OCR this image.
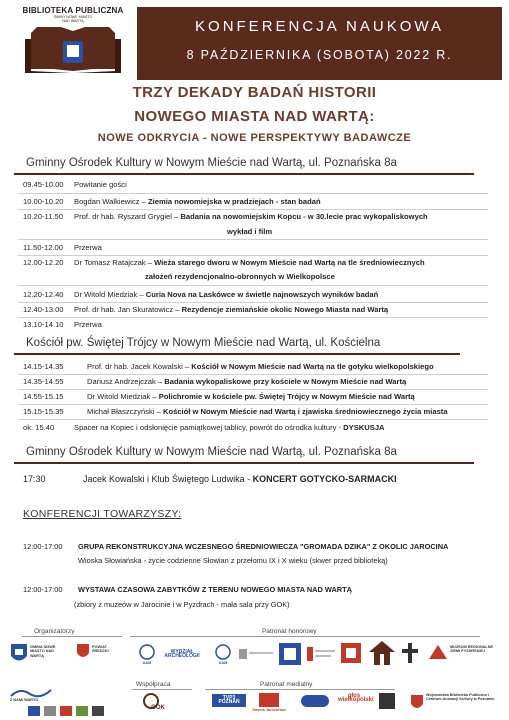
BIBLIOTEKA PUBLICZNA
GMINY NOWE MIASTO
NAD WARTĄ	KONFERENCJA NAUKOWA
8 PAŹDZIERNIKA (SOBOTA) 2022 R.
TRZY DEKADY BADAŃ HISTORII
NOWEGO MIASTA NAD WARTĄ:
NOWE ODKRYCIA - NOWE PERSPEKTYWY BADAWCZE
Gminny Ośrodek Kultury w Nowym Mieście nad Wartą, ul. Poznańska 8a
09.45-10.00 Powitanie gości
10.00-10.20 Bogdan Walkiewicz – Ziemia nowomiejska w pradziejach - stan badań
10.20-11.50 Prof. dr hab. Ryszard Grygiel – Badania na nowomiejskim Kopcu - w 30.lecie prac wykopaliskowych
wykład i film
11.50-12.00 Przerwa
12.00-12.20 Dr Tomasz Ratajczak – Wieża starego dworu w Nowym Mieście nad Wartą na tle średniowiecznych
założeń rezydencjonalno-obronnych w Wielkopolsce
12.20-12.40 Dr Witold Miedziak – Curia Nova na Laskówce w świetle najnowszych wyników badań
12.40-13.00 Prof. dr hab. Jan Skuratowicz – Rezydencje ziemiańskie okolic Nowego Miasta nad Wartą
13.10-14.10 Przerwa
Kościół pw. Świętej Trójcy w Nowym Mieście nad Wartą, ul. Kościelna
14.15-14.35	Prof. dr hab. Jacek Kowalski – Kościół w Nowym Mieście nad Wartą na tle gotyku wielkopolskiego
14.35-14.55	Dariusz Andrzejczak – Badania wykopaliskowe przy kościele w Nowym Mieście nad Wartą
14.55-15.15	Dr Witold Miedziak – Polichromie w kościele pw. Świętej Trójcy w Nowym Mieście nad Wartą
15.15-15.35	Michał Błaszczyński – Kościół w Nowym Mieście nad Wartą i zjawiska średniowiecznego życia miasta
ok. 15.40	Spacer na Kopiec i odsłonięcie pamiątkowej tablicy, powrót do ośrodka kultury - DYSKUSJA
Gminny Ośrodek Kultury w Nowym Mieście nad Wartą, ul. Poznańska 8a
17:30	Jacek Kowalski i Klub Świętego Ludwika - KONCERT GOTYCKO-SARMACKI
KONFERENCJI TOWARZYSZY:
12:00-17:00 GRUPA REKONSTRUKCYJNA WCZESNEGO ŚREDNIOWIECZA "GROMADA DZIKA" Z OKOLIC JAROCINA
Wioska Słowiańska - życie codzienne Słowian z przełomu IX i X wieku (skwer przed biblioteką)
12:00-17:00 WYSTAWA CZASOWA ZABYTKÓW Z TERENU NOWEGO MIASTA NAD WARTĄ
(zbiory z muzeów w Jarocinie i w Pyzdrach - mała sala przy GOK)
Organizatorzy	Patronat honorowy
GMINA NOWE MIASTO NAD WARTĄ
POWIAT ŚREDZKI
UAM
WYDZIAŁ ARCHEOLOGII
UAM
MUZEUM REGIONALNE ZIEMI PYZDRSKIEJ
Z NAMI WARTO
Współpraca
GOK
Patronat medialny
TVP3 POZNAŃ
Gazeta Jarocińska
głos wielkopolski
Wojewódzka Biblioteka Publiczna i Centrum Animacji Kultury w Poznaniu
